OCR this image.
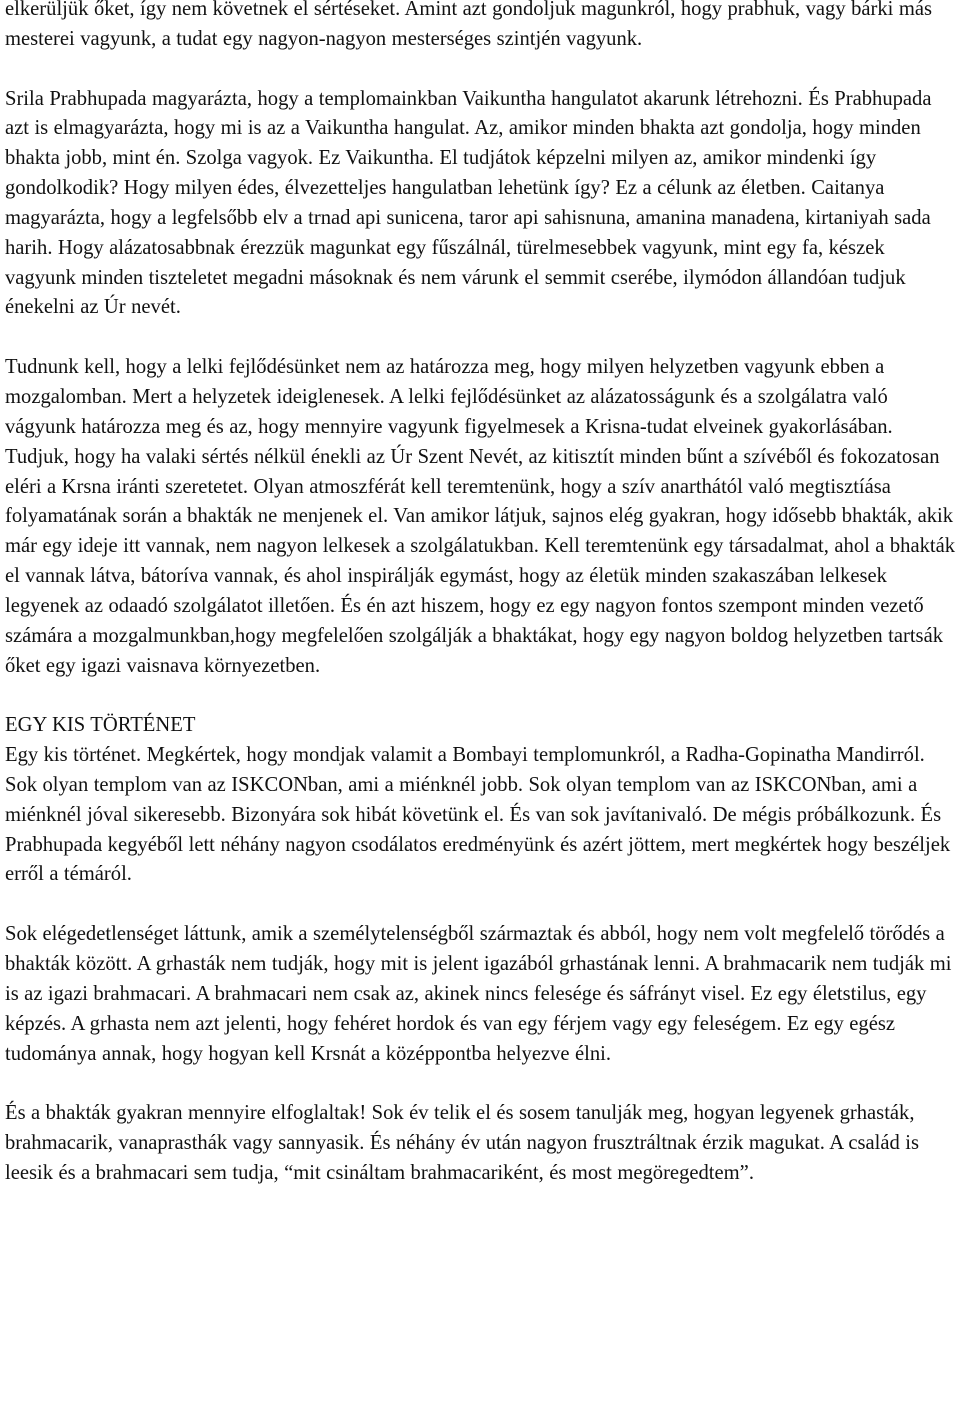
elkerüljük őket, így nem követnek el sértéseket. Amint azt gondoljuk magunkról, hogy prabhuk, vagy bárki más mesterei vagyunk, a tudat egy nagyon-nagyon mesterséges szintjén vagyunk.

Srila Prabhupada magyarázta, hogy a templomainkban Vaikuntha hangulatot akarunk létrehozni. És Prabhupada azt is elmagyarázta, hogy mi is az a Vaikuntha hangulat. Az, amikor minden bhakta azt gondolja, hogy minden bhakta jobb, mint én. Szolga vagyok. Ez Vaikuntha. El tudjátok képzelni milyen az, amikor mindenki így gondolkodik? Hogy milyen édes, élvezetteljes hangulatban lehetünk így? Ez a célunk az életben. Caitanya magyarázta, hogy a legfelsőbb elv a trnad api sunicena, taror api sahisnuna, amanina manadena, kirtaniyah sada harih. Hogy alázatosabbnak érezzük magunkat egy fűszálnál, türelmesebbek vagyunk, mint egy fa, készek vagyunk minden tiszteletet megadni másoknak és nem várunk el semmit cserébe, ilymódon állandóan tudjuk énekelni az Úr nevét.

Tudnunk kell, hogy a lelki fejlődésünket nem az határozza meg, hogy milyen helyzetben vagyunk ebben a mozgalomban. Mert a helyzetek ideiglenesek. A lelki fejlődésünket az alázatosságunk és a szolgálatra való vágyunk határozza meg és az, hogy mennyire vagyunk figyelmesek a Krisna-tudat elveinek gyakorlásában. Tudjuk, hogy ha valaki sértés nélkül énekli az Úr Szent Nevét, az kitisztít minden bűnt a szívéből és fokozatosan eléri a Krsna iránti szeretetet. Olyan atmoszférát kell teremtenünk, hogy a szív anarthától való megtisztíása folyamatának során a bhakták ne menjenek el. Van amikor látjuk, sajnos elég gyakran, hogy idősebb bhakták, akik már egy ideje itt vannak, nem nagyon lelkesek a szolgálatukban. Kell teremtenünk egy társadalmat, ahol a bhakták el vannak látva, bátoríva vannak, és ahol inspirálják egymást, hogy az életük minden szakaszában lelkesek legyenek az odaadó szolgálatot illetően. És én azt hiszem, hogy ez egy nagyon fontos szempont minden vezető számára a mozgalmunkban,hogy megfelelően szolgálják a bhaktákat, hogy egy nagyon boldog helyzetben tartsák őket egy igazi vaisnava környezetben.

EGY KIS TÖRTÉNET

Egy kis történet. Megkértek, hogy mondjak valamit a Bombayi templomunkról, a Radha-Gopinatha Mandirról. Sok olyan templom van az ISKCONban, ami a miénknél jobb. Sok olyan templom van az ISKCONban, ami a miénknél jóval sikeresebb. Bizonyára sok hibát követünk el. És van sok javítanivaló. De mégis próbálkozunk. És Prabhupada kegyéből lett néhány nagyon csodálatos eredményünk és azért jöttem, mert megkértek hogy beszéljek erről a témáról.

Sok elégedetlenséget láttunk, amik a személytelenségből származtak és abból, hogy nem volt megfelelő törődés a bhakták között. A grhasták nem tudják, hogy mit is jelent igazából grhastának lenni. A brahmacarik nem tudják mi is az igazi brahmacari. A brahmacari nem csak az, akinek nincs felesége és sáfrányt visel. Ez egy életstilus, egy képzés. A grhasta nem azt jelenti, hogy fehéret hordok és van egy férjem vagy egy feleségem. Ez egy egész tudománya annak, hogy hogyan kell Krsnát a középpontba helyezve élni.

És a bhakták gyakran mennyire elfoglaltak! Sok év telik el és sosem tanulják meg, hogyan legyenek grhasták, brahmacarik, vanaprasthák vagy sannyasik. És néhány év után nagyon frusztráltnak érzik magukat. A család is leesik és a brahmacari sem tudja, “mit csináltam brahmacariként, és most megöregedtem”.
